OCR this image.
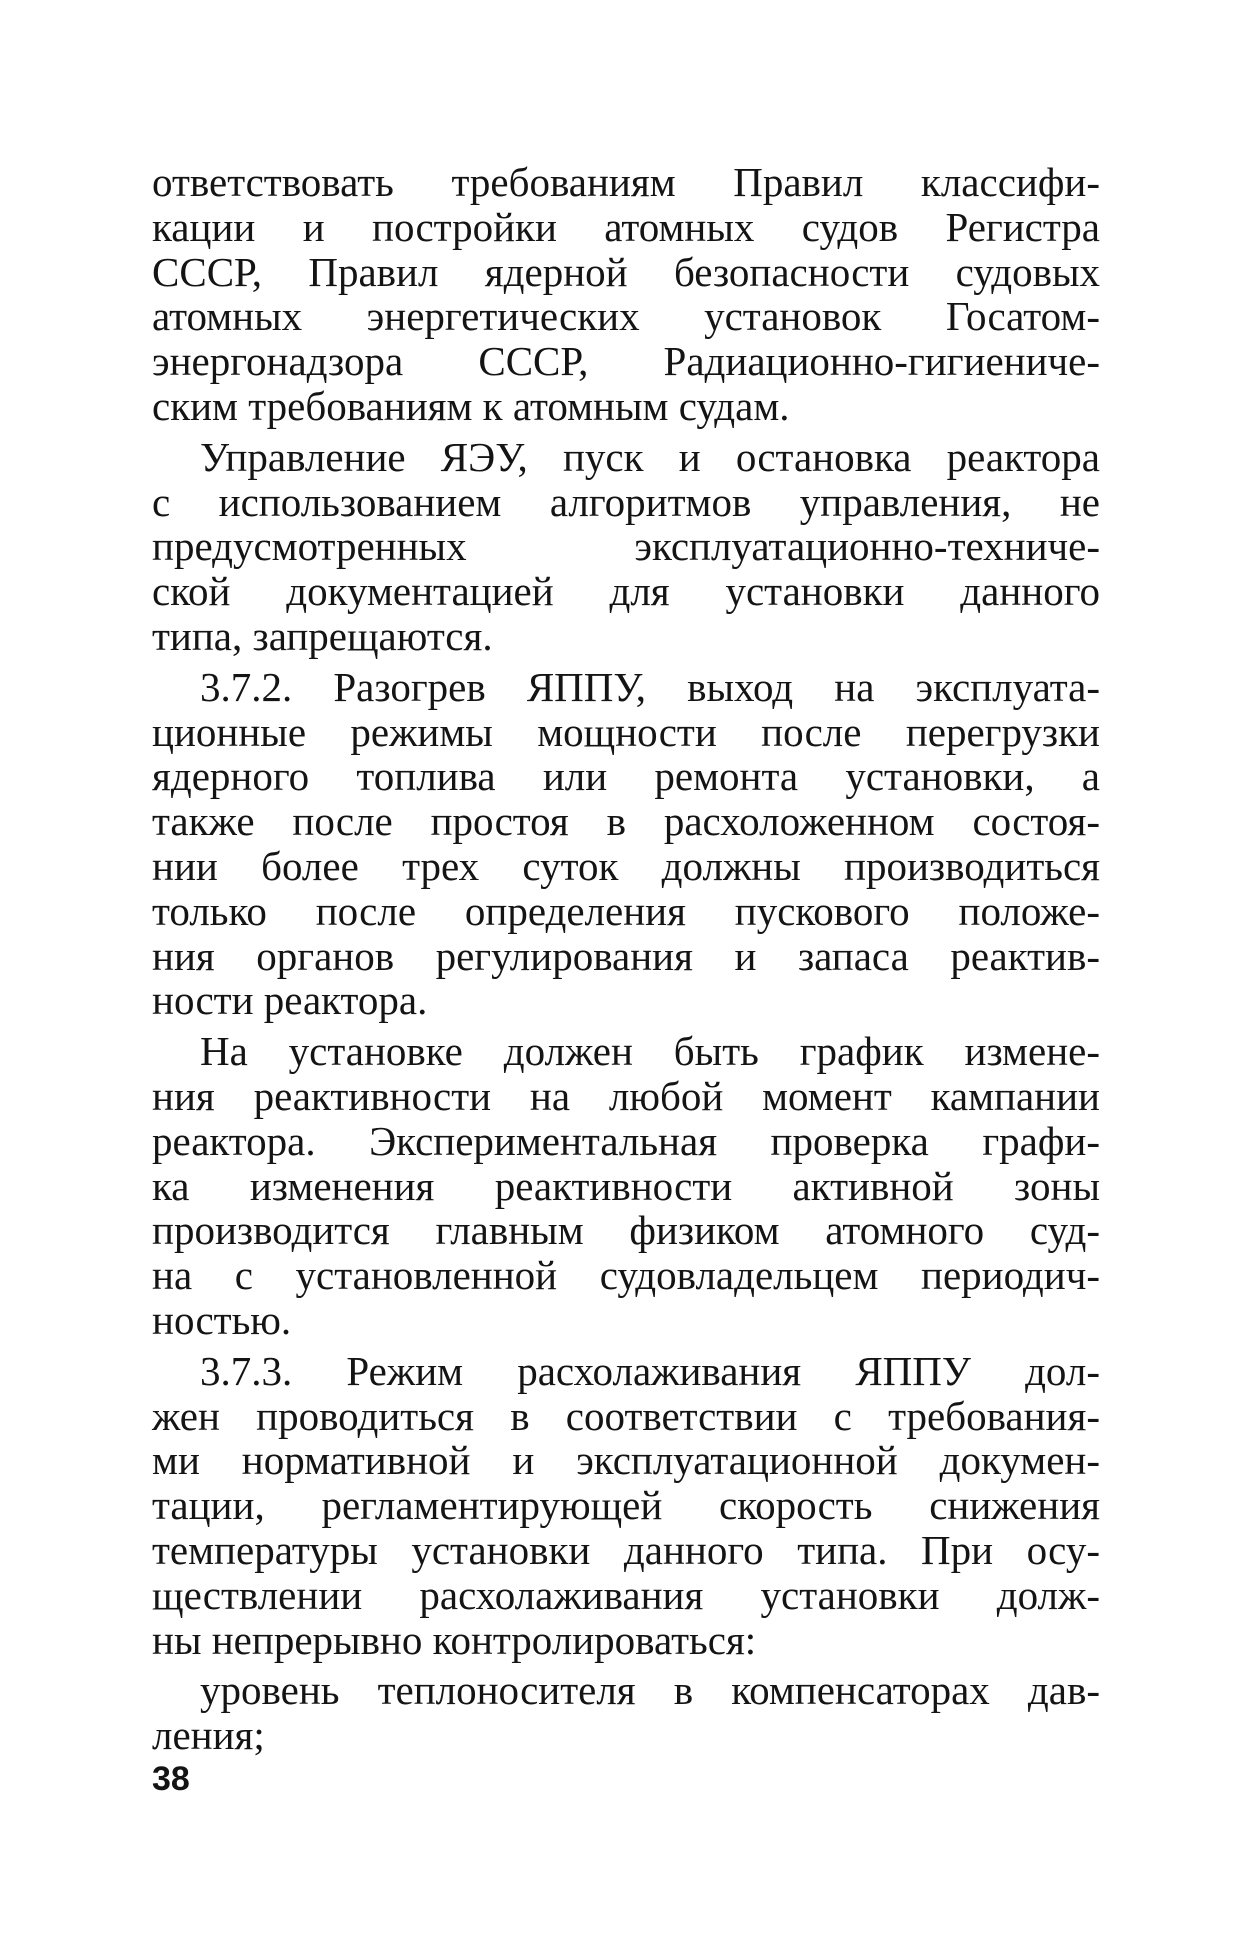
ответствовать требованиям Правил классифи-
кации и постройки атомных судов Регистра
СССР, Правил ядерной безопасности судовых
атомных энергетических установок Госатом-
энергонадзора СССР, Радиационно-гигиениче-
ским требованиям к атомным судам.
Управление ЯЭУ, пуск и остановка реактора
с использованием алгоритмов управления, не
предусмотренных эксплуатационно-техниче-
ской документацией для установки данного
типа, запрещаются.
3.7.2. Разогрев ЯППУ, выход на эксплуата-
ционные режимы мощности после перегрузки
ядерного топлива или ремонта установки, а
также после простоя в расхоложенном состоя-
нии более трех суток должны производиться
только после определения пускового положе-
ния органов регулирования и запаса реактив-
ности реактора.
На установке должен быть график измене-
ния реактивности на любой момент кампании
реактора. Экспериментальная проверка графи-
ка изменения реактивности активной зоны
производится главным физиком атомного суд-
на с установленной судовладельцем периодич-
ностью.
3.7.3. Режим расхолаживания ЯППУ дол-
жен проводиться в соответствии с требования-
ми нормативной и эксплуатационной докумен-
тации, регламентирующей скорость снижения
температуры установки данного типа. При осу-
ществлении расхолаживания установки долж-
ны непрерывно контролироваться:
уровень теплоносителя в компенсаторах дав-
ления;
38
